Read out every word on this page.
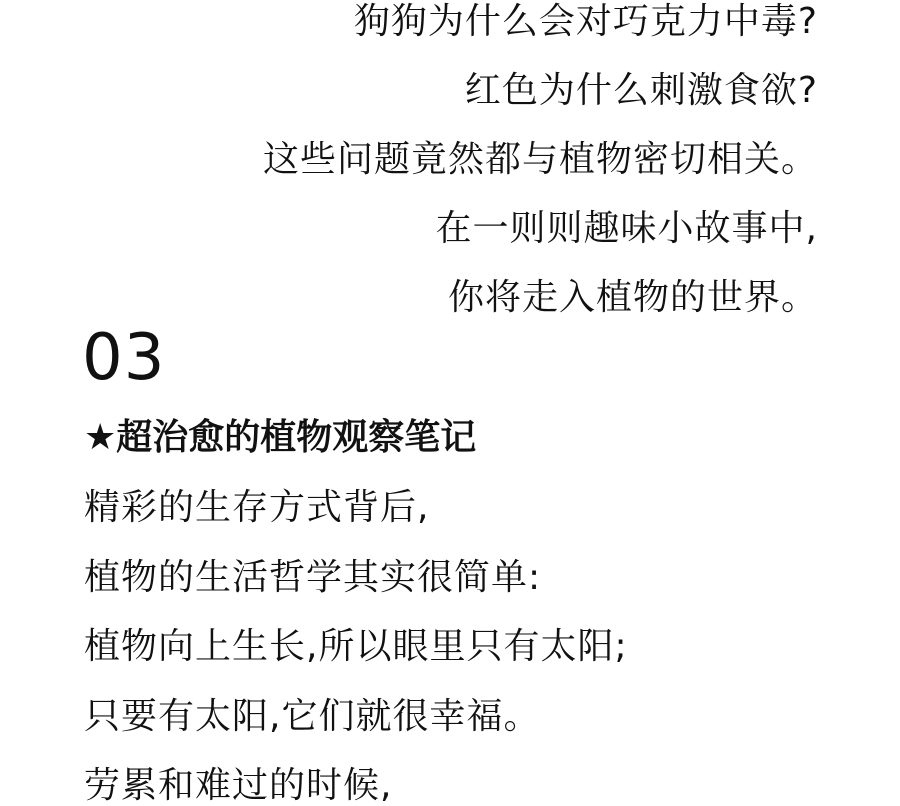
狗狗为什么会对巧克力中毒?

红色为什么刺激食欲?

这些问题竟然都与植物密切相关。

在一则则趣味小故事中,

你将走入植物的世界。

03
★超治愈的植物观察笔记

精彩的生存方式背后,

植物的生活哲学其实很简单:

植物向上生长,所以眼里只有太阳;

只要有太阳,它们就很幸福。

劳累和难过的时候,
